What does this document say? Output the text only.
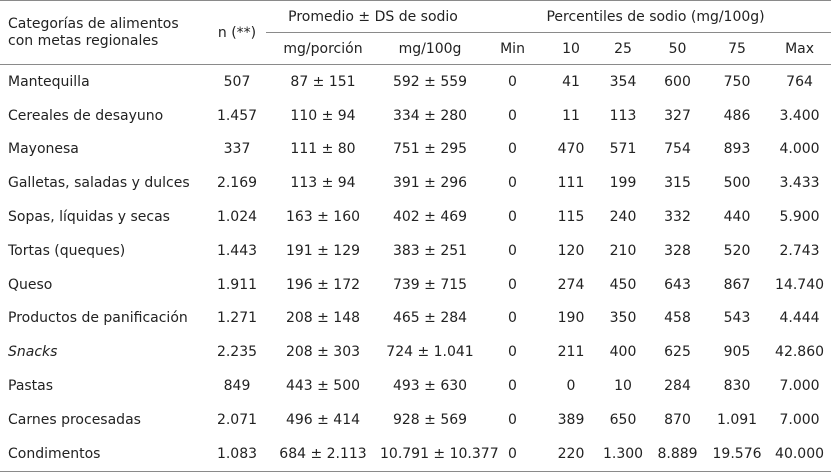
Categorías de alimentos con metas regionales	n (**)	Promedio ± DS de sodio		Percentiles de sodio (mg/100g)					
		mg/porción	mg/100g	Min	10	25	50	75	Max
Mantequilla	507	87 ± 151	592 ± 559	0	41	354	600	750	764
Cereales de desayuno	1.457	110 ± 94	334 ± 280	0	11	113	327	486	3.400
Mayonesa	337	111 ± 80	751 ± 295	0	470	571	754	893	4.000
Galletas, saladas y dulces	2.169	113 ± 94	391 ± 296	0	111	199	315	500	3.433
Sopas, líquidas y secas	1.024	163 ± 160	402 ± 469	0	115	240	332	440	5.900
Tortas (queques)	1.443	191 ± 129	383 ± 251	0	120	210	328	520	2.743
Queso	1.911	196 ± 172	739 ± 715	0	274	450	643	867	14.740
Productos de panificación	1.271	208 ± 148	465 ± 284	0	190	350	458	543	4.444
Snacks	2.235	208 ± 303	724 ± 1.041	0	211	400	625	905	42.860
Pastas	849	443 ± 500	493 ± 630	0	0	10	284	830	7.000
Carnes procesadas	2.071	496 ± 414	928 ± 569	0	389	650	870	1.091	7.000
Condimentos	1.083	684 ± 2.113	10.791 ± 10.377	0	220	1.300	8.889	19.576	40.000
